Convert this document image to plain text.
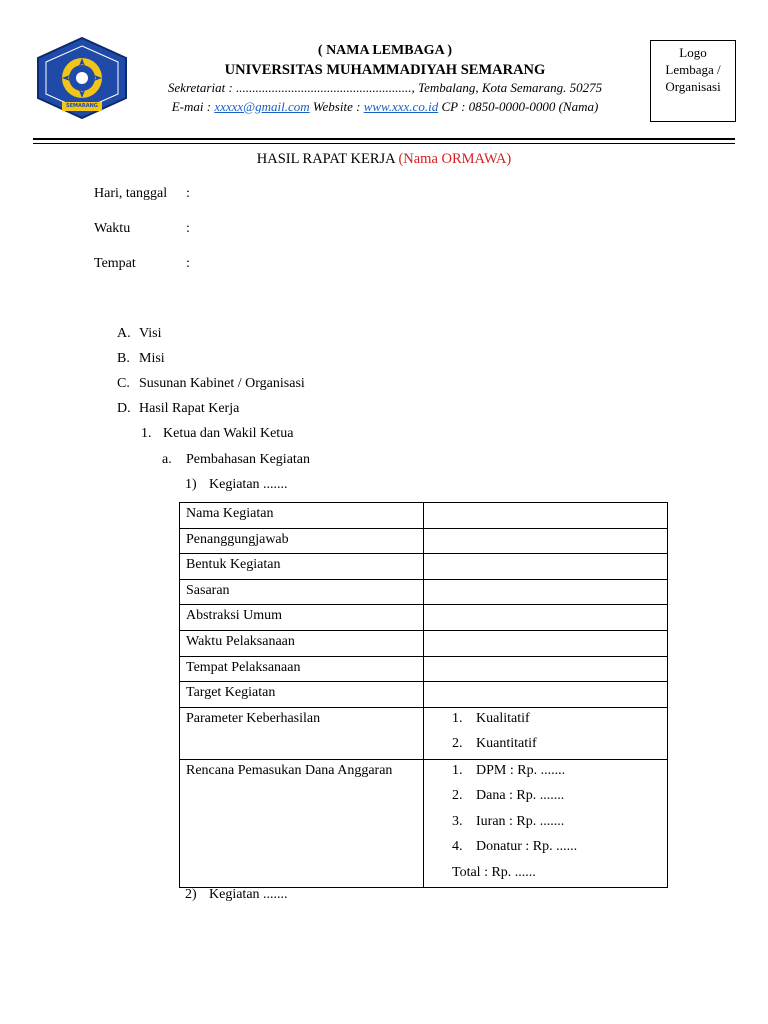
SEMARANG
( NAMA LEMBAGA )
UNIVERSITAS MUHAMMADIYAH SEMARANG
Sekretariat : ......................................................, Tembalang, Kota Semarang. 50275
E-mai : xxxxx@gmail.com Website : www.xxx.co.id CP : 0850-0000-0000 (Nama)
Logo
Lembaga /
Organisasi
HASIL RAPAT KERJA (Nama ORMAWA)
Hari, tanggal :
Waktu	:
Tempat	:
A. Visi
B. Misi
C. Susunan Kabinet / Organisasi
D. Hasil Rapat Kerja
1. Ketua dan Wakil Ketua
a. Pembahasan Kegiatan
1) Kegiatan .......
Nama Kegiatan	
Penanggungjawab	
Bentuk Kegiatan	
Sasaran	
Abstraksi Umum	
Waktu Pelaksanaan	
Tempat Pelaksanaan	
Target Kegiatan	
Parameter Keberhasilan	1. Kualitatif
2. Kuantitatif

Rencana Pemasukan Dana Anggaran	1. DPM : Rp. .......
2. Dana : Rp. .......
3. Iuran : Rp. .......
4. Donatur : Rp. ......
Total : Rp. ......
2) Kegiatan .......
